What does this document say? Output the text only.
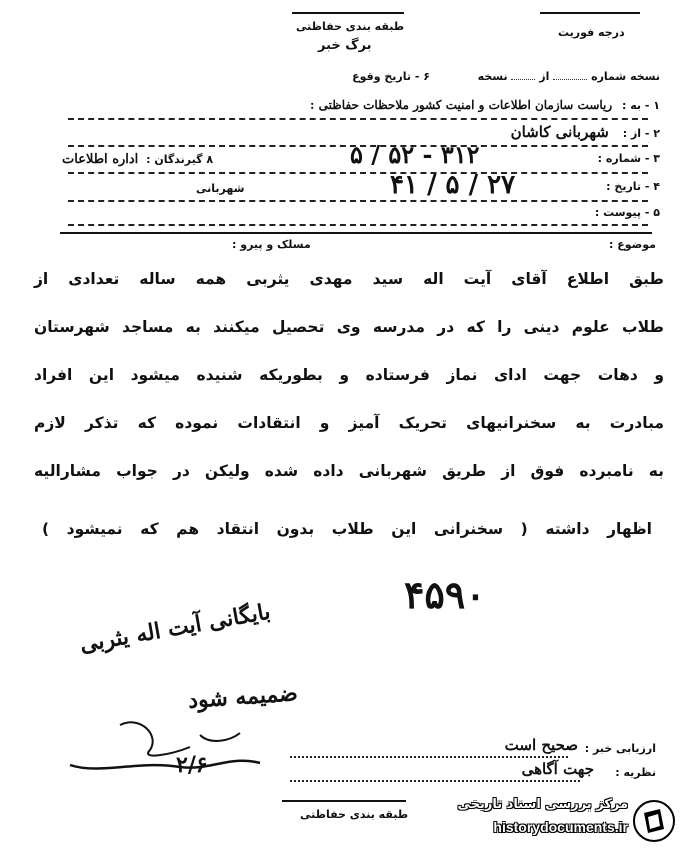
طبقه بندی حفاظتی
برگ خبر
درجه فوریت
نسخه شماره  از  نسخه  ۶ - تاریخ وقوع
۱ - به : ریاست سازمان اطلاعات و امنیت کشور ملاحظات حفاظتی :
۲ - از : شهربانی کاشان
۳ - شماره :
۳۱۲ - ۵۲ / ۵
۸ گیرندگان : اداره اطلاعات
۴ - تاریخ :
۲۷ / ۵ / ۴۱
شهربانی
۵ - پیوست :
موضوع :
مسلک و پیرو :
طبق اطلاع آقای آیت اله سید مهدی یثربی همه ساله تعدادی از
طلاب علوم دینی را که در مدرسه وی تحصیل میکنند به مساجد شهرستان
و دهات جهت ادای نماز فرستاده و بطوریکه شنیده میشود این افراد
مبادرت به سخنرانیهای تحریک آمیز و انتقادات نموده که تذکر لازم
به نامبرده فوق از طریق شهربانی داده شده ولیکن در جواب مشارالیه
اظهار داشته ( سخنرانی این طلاب بدون انتقاد هم که نمیشود )
۴۵۹۰
بایگانی آیت اله یثربی
ضمیمه شود
۲/۶
ارزیابی خبر :
صحیح است
نظریه :
جهت آگاهی
طبقه بندی حفاظتی
مرکز بررسی اسناد تاریخی
historydocuments.ir
